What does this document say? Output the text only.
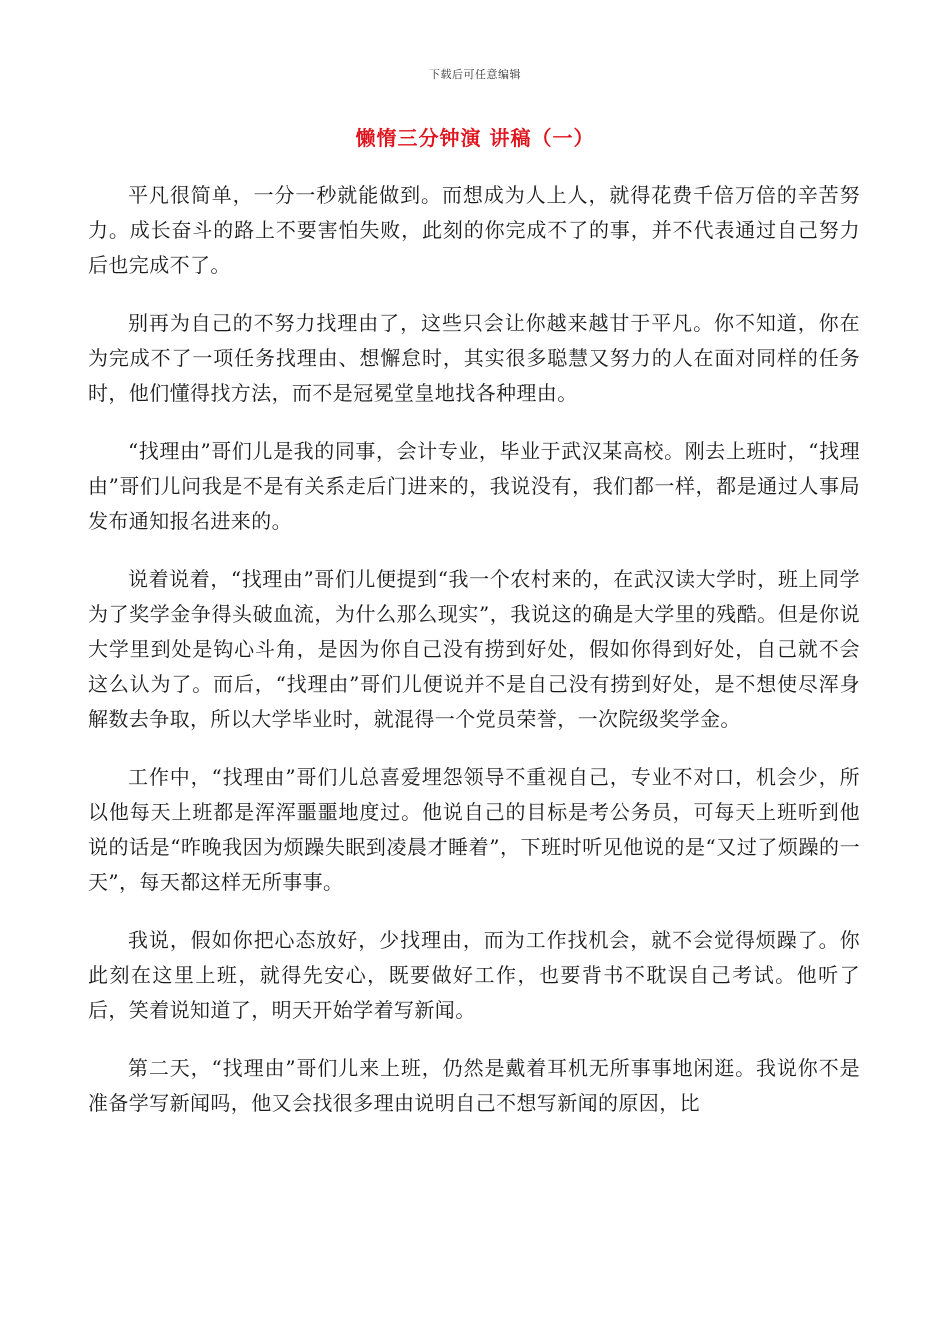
下载后可任意编辑
懒惰三分钟演 讲稿（一）

平凡很简单，一分一秒就能做到。而想成为人上人，就得花费千倍万倍的辛苦努力。成长奋斗的路上不要害怕失败，此刻的你完成不了的事，并不代表通过自己努力后也完成不了。

别再为自己的不努力找理由了，这些只会让你越来越甘于平凡。你不知道，你在为完成不了一项任务找理由、想懈怠时，其实很多聪慧又努力的人在面对同样的任务时，他们懂得找方法，而不是冠冕堂皇地找各种理由。

“找理由”哥们儿是我的同事，会计专业，毕业于武汉某高校。刚去上班时，“找理由”哥们儿问我是不是有关系走后门进来的，我说没有，我们都一样，都是通过人事局发布通知报名进来的。

说着说着，“找理由”哥们儿便提到“我一个农村来的，在武汉读大学时，班上同学为了奖学金争得头破血流，为什么那么现实”，我说这的确是大学里的残酷。但是你说大学里到处是钩心斗角，是因为你自己没有捞到好处，假如你得到好处，自己就不会这么认为了。而后，“找理由”哥们儿便说并不是自己没有捞到好处，是不想使尽浑身解数去争取，所以大学毕业时，就混得一个党员荣誉，一次院级奖学金。

工作中，“找理由”哥们儿总喜爱埋怨领导不重视自己，专业不对口，机会少，所以他每天上班都是浑浑噩噩地度过。他说自己的目标是考公务员，可每天上班听到他说的话是“昨晚我因为烦躁失眠到凌晨才睡着”，下班时听见他说的是“又过了烦躁的一天”，每天都这样无所事事。

我说，假如你把心态放好，少找理由，而为工作找机会，就不会觉得烦躁了。你此刻在这里上班，就得先安心，既要做好工作，也要背书不耽误自己考试。他听了后，笑着说知道了，明天开始学着写新闻。

第二天，“找理由”哥们儿来上班，仍然是戴着耳机无所事事地闲逛。我说你不是准备学写新闻吗，他又会找很多理由说明自己不想写新闻的原因，比
